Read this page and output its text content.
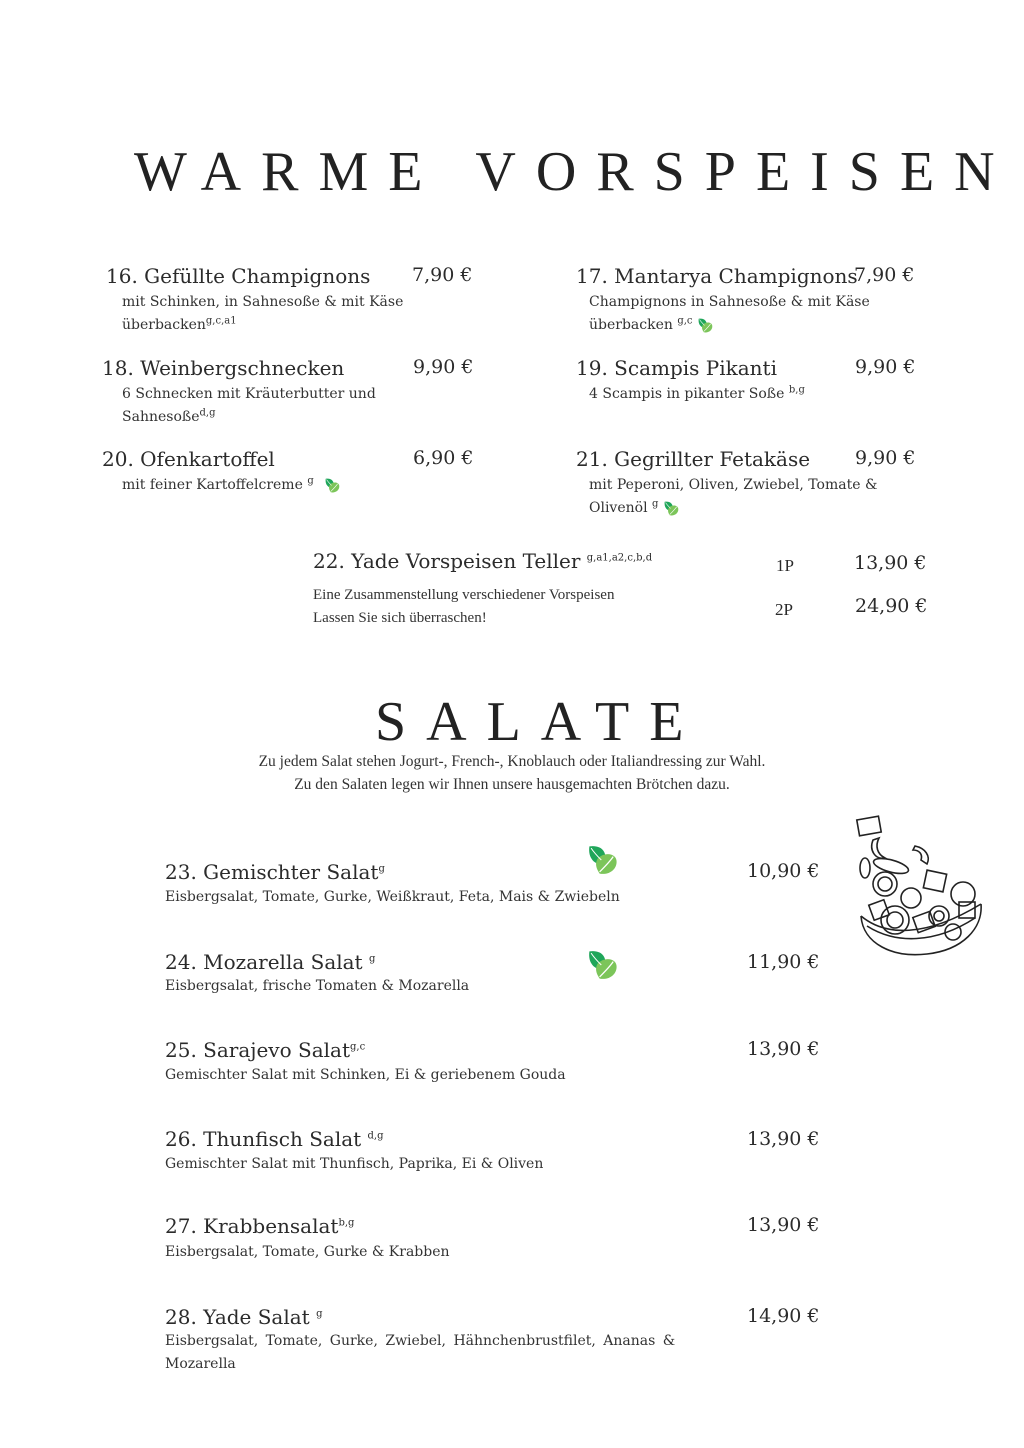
WARME VORSPEISEN
16. Gefüllte Champignons 7,90 €
mit Schinken, in Sahnesoße & mit Käse
überbacken$^{g,c,a1}$
17. Mantarya Champignons
7,90 €
Champignons in Sahnesoße & mit Käse
überbacken $^{g,c}$
18. Weinbergschnecken	9,90 €
6 Schnecken mit Kräuterbutter und
Sahnesoße$^{d,g}$
19. Scampis Pikanti	9,90 €
4 Scampis in pikanter Soße $^{b,g}$
20. Ofenkartoffel	6,90 €
mit feiner Kartoffelcreme $^g$
21. Gegrillter Fetakäse 9,90 €
mit Peperoni, Oliven, Zwiebel, Tomate &
Olivenöl $^g$
22. Yade Vorspeisen Teller $^{g,a1,a2,c,b,d}$
Eine Zusammenstellung verschiedener Vorspeisen
Lassen Sie sich überraschen!
1P	13,90 €
2P	24,90 €
SALATE
Zu jedem Salat stehen Jogurt-, French-, Knoblauch oder Italiandressing zur Wahl.
Zu den Salaten legen wir Ihnen unsere hausgemachten Brötchen dazu.
23. Gemischter Salat$^g$
Eisbergsalat, Tomate, Gurke, Weißkraut, Feta, Mais & Zwiebeln
10,90 €
24. Mozarella Salat $^g$
Eisbergsalat, frische Tomaten & Mozarella
11,90 €
25. Sarajevo Salat$^{g,c}$
Gemischter Salat mit Schinken, Ei & geriebenem Gouda
13,90 €
26. Thunfisch Salat $^{d,g}$
Gemischter Salat mit Thunfisch, Paprika, Ei & Oliven
13,90 €
27. Krabbensalat$^{b,g}$
Eisbergsalat, Tomate, Gurke & Krabben
13,90 €
28. Yade Salat $^g$
Eisbergsalat, Tomate, Gurke, Zwiebel, Hähnchenbrustfilet, Ananas &
Mozarella
14,90 €
